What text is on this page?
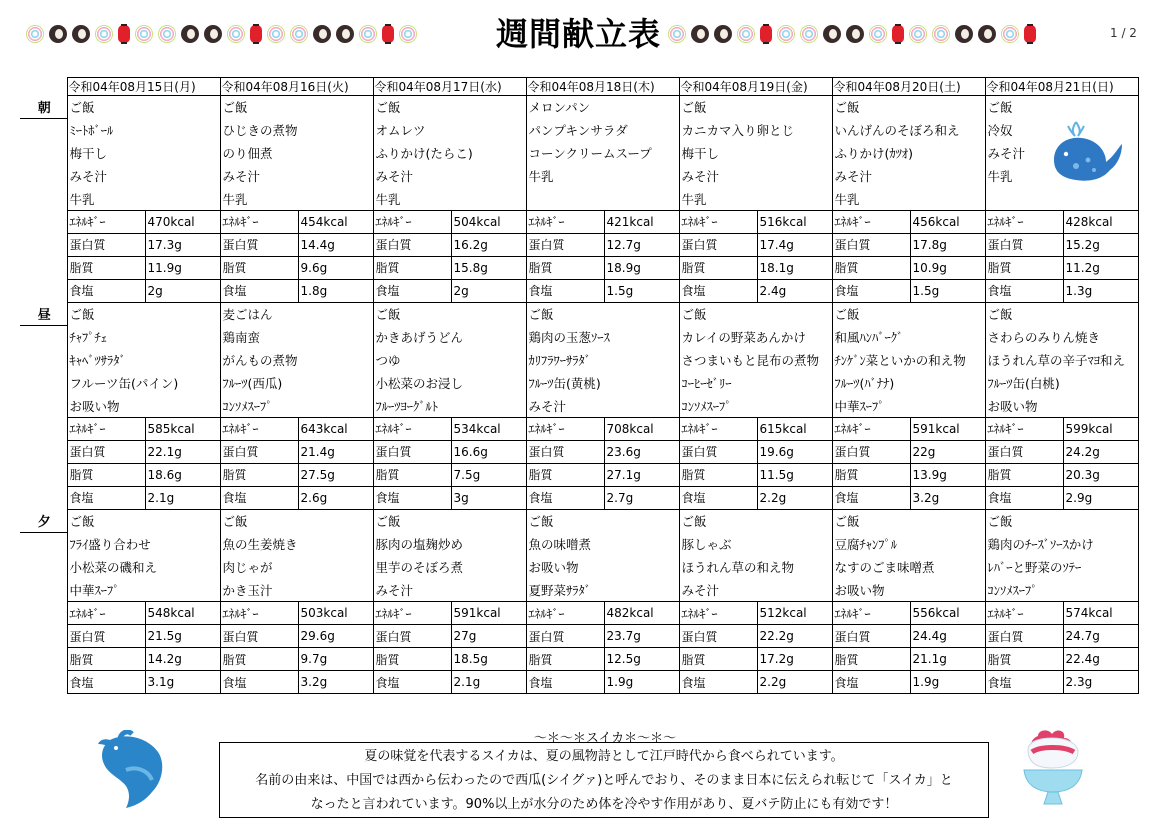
週間献立表	1 / 2
	令和04年08月15日(月)		令和04年08月16日(火)		令和04年08月17日(水)		令和04年08月18日(木)		令和04年08月19日(金)		令和04年08月20日(土)		令和04年08月21日(日)	
朝	ご飯		ご飯		ご飯		メロンパン		ご飯		ご飯		ご飯	
	ﾐｰﾄﾎﾞｰﾙ		ひじきの煮物		オムレツ		パンプキンサラダ		カニカマ入り卵とじ		いんげんのそぼろ和え		冷奴	
	梅干し		のり佃煮		ふりかけ(たらこ)		コーンクリームスープ		梅干し		ふりかけ(ｶﾂｵ)		みそ汁	
	みそ汁		みそ汁		みそ汁		牛乳		みそ汁		みそ汁		牛乳	
	牛乳		牛乳		牛乳				牛乳		牛乳			
	ｴﾈﾙｷﾞｰ	470kcal	ｴﾈﾙｷﾞｰ	454kcal	ｴﾈﾙｷﾞｰ	504kcal	ｴﾈﾙｷﾞｰ	421kcal	ｴﾈﾙｷﾞｰ	516kcal	ｴﾈﾙｷﾞｰ	456kcal	ｴﾈﾙｷﾞｰ	428kcal
	蛋白質	17.3g	蛋白質	14.4g	蛋白質	16.2g	蛋白質	12.7g	蛋白質	17.4g	蛋白質	17.8g	蛋白質	15.2g
	脂質	11.9g	脂質	9.6g	脂質	15.8g	脂質	18.9g	脂質	18.1g	脂質	10.9g	脂質	11.2g
	食塩	2g	食塩	1.8g	食塩	2g	食塩	1.5g	食塩	2.4g	食塩	1.5g	食塩	1.3g
昼	ご飯		麦ごはん		ご飯		ご飯		ご飯		ご飯		ご飯	
	ﾁｬﾌﾟﾁｪ		鶏南蛮		かきあげうどん		鶏肉の玉葱ｿｰｽ		カレイの野菜あんかけ		和風ﾊﾝﾊﾞｰｸﾞ		さわらのみりん焼き	
	ｷｬﾍﾞﾂｻﾗﾀﾞ		がんもの煮物		つゆ		ｶﾘﾌﾗﾜｰｻﾗﾀﾞ		さつまいもと昆布の煮物		ﾁﾝｹﾞﾝ菜といかの和え物		ほうれん草の辛子ﾏﾖ和え	
	フルーツ缶(パイン)		ﾌﾙｰﾂ(西瓜)		小松菜のお浸し		ﾌﾙｰﾂ缶(黄桃)		ｺｰﾋｰｾﾞﾘｰ		ﾌﾙｰﾂ(ﾊﾞﾅﾅ)		ﾌﾙｰﾂ缶(白桃)	
	お吸い物		ｺﾝｿﾒｽｰﾌﾟ		ﾌﾙｰﾂﾖｰｸﾞﾙﾄ		みそ汁		ｺﾝｿﾒｽｰﾌﾟ		中華ｽｰﾌﾟ		お吸い物	
	ｴﾈﾙｷﾞｰ	585kcal	ｴﾈﾙｷﾞｰ	643kcal	ｴﾈﾙｷﾞｰ	534kcal	ｴﾈﾙｷﾞｰ	708kcal	ｴﾈﾙｷﾞｰ	615kcal	ｴﾈﾙｷﾞｰ	591kcal	ｴﾈﾙｷﾞｰ	599kcal
	蛋白質	22.1g	蛋白質	21.4g	蛋白質	16.6g	蛋白質	23.6g	蛋白質	19.6g	蛋白質	22g	蛋白質	24.2g
	脂質	18.6g	脂質	27.5g	脂質	7.5g	脂質	27.1g	脂質	11.5g	脂質	13.9g	脂質	20.3g
	食塩	2.1g	食塩	2.6g	食塩	3g	食塩	2.7g	食塩	2.2g	食塩	3.2g	食塩	2.9g
夕	ご飯		ご飯		ご飯		ご飯		ご飯		ご飯		ご飯	
	ﾌﾗｲ盛り合わせ		魚の生姜焼き		豚肉の塩麹炒め		魚の味噌煮		豚しゃぶ		豆腐ﾁｬﾝﾌﾟﾙ		鶏肉のﾁｰｽﾞｿｰｽかけ	
	小松菜の磯和え		肉じゃが		里芋のそぼろ煮		お吸い物		ほうれん草の和え物		なすのごま味噌煮		ﾚﾊﾞｰと野菜のｿﾃｰ	
	中華ｽｰﾌﾟ		かき玉汁		みそ汁		夏野菜ｻﾗﾀﾞ		みそ汁		お吸い物		ｺﾝｿﾒｽｰﾌﾟ	
	ｴﾈﾙｷﾞｰ	548kcal	ｴﾈﾙｷﾞｰ	503kcal	ｴﾈﾙｷﾞｰ	591kcal	ｴﾈﾙｷﾞｰ	482kcal	ｴﾈﾙｷﾞｰ	512kcal	ｴﾈﾙｷﾞｰ	556kcal	ｴﾈﾙｷﾞｰ	574kcal
	蛋白質	21.5g	蛋白質	29.6g	蛋白質	27g	蛋白質	23.7g	蛋白質	22.2g	蛋白質	24.4g	蛋白質	24.7g
	脂質	14.2g	脂質	9.7g	脂質	18.5g	脂質	12.5g	脂質	17.2g	脂質	21.1g	脂質	22.4g
	食塩	3.1g	食塩	3.2g	食塩	2.1g	食塩	1.9g	食塩	2.2g	食塩	1.9g	食塩	2.3g
～＊～＊スイカ＊～＊～

夏の味覚を代表するスイカは、夏の風物詩として江戸時代から食べられています。

名前の由来は、中国では西から伝わったので西瓜(シイグァ)と呼んでおり、そのまま日本に伝えられ転じて「スイカ」と

なったと言われています。90%以上が水分のため体を冷やす作用があり、夏バテ防止にも有効です！
